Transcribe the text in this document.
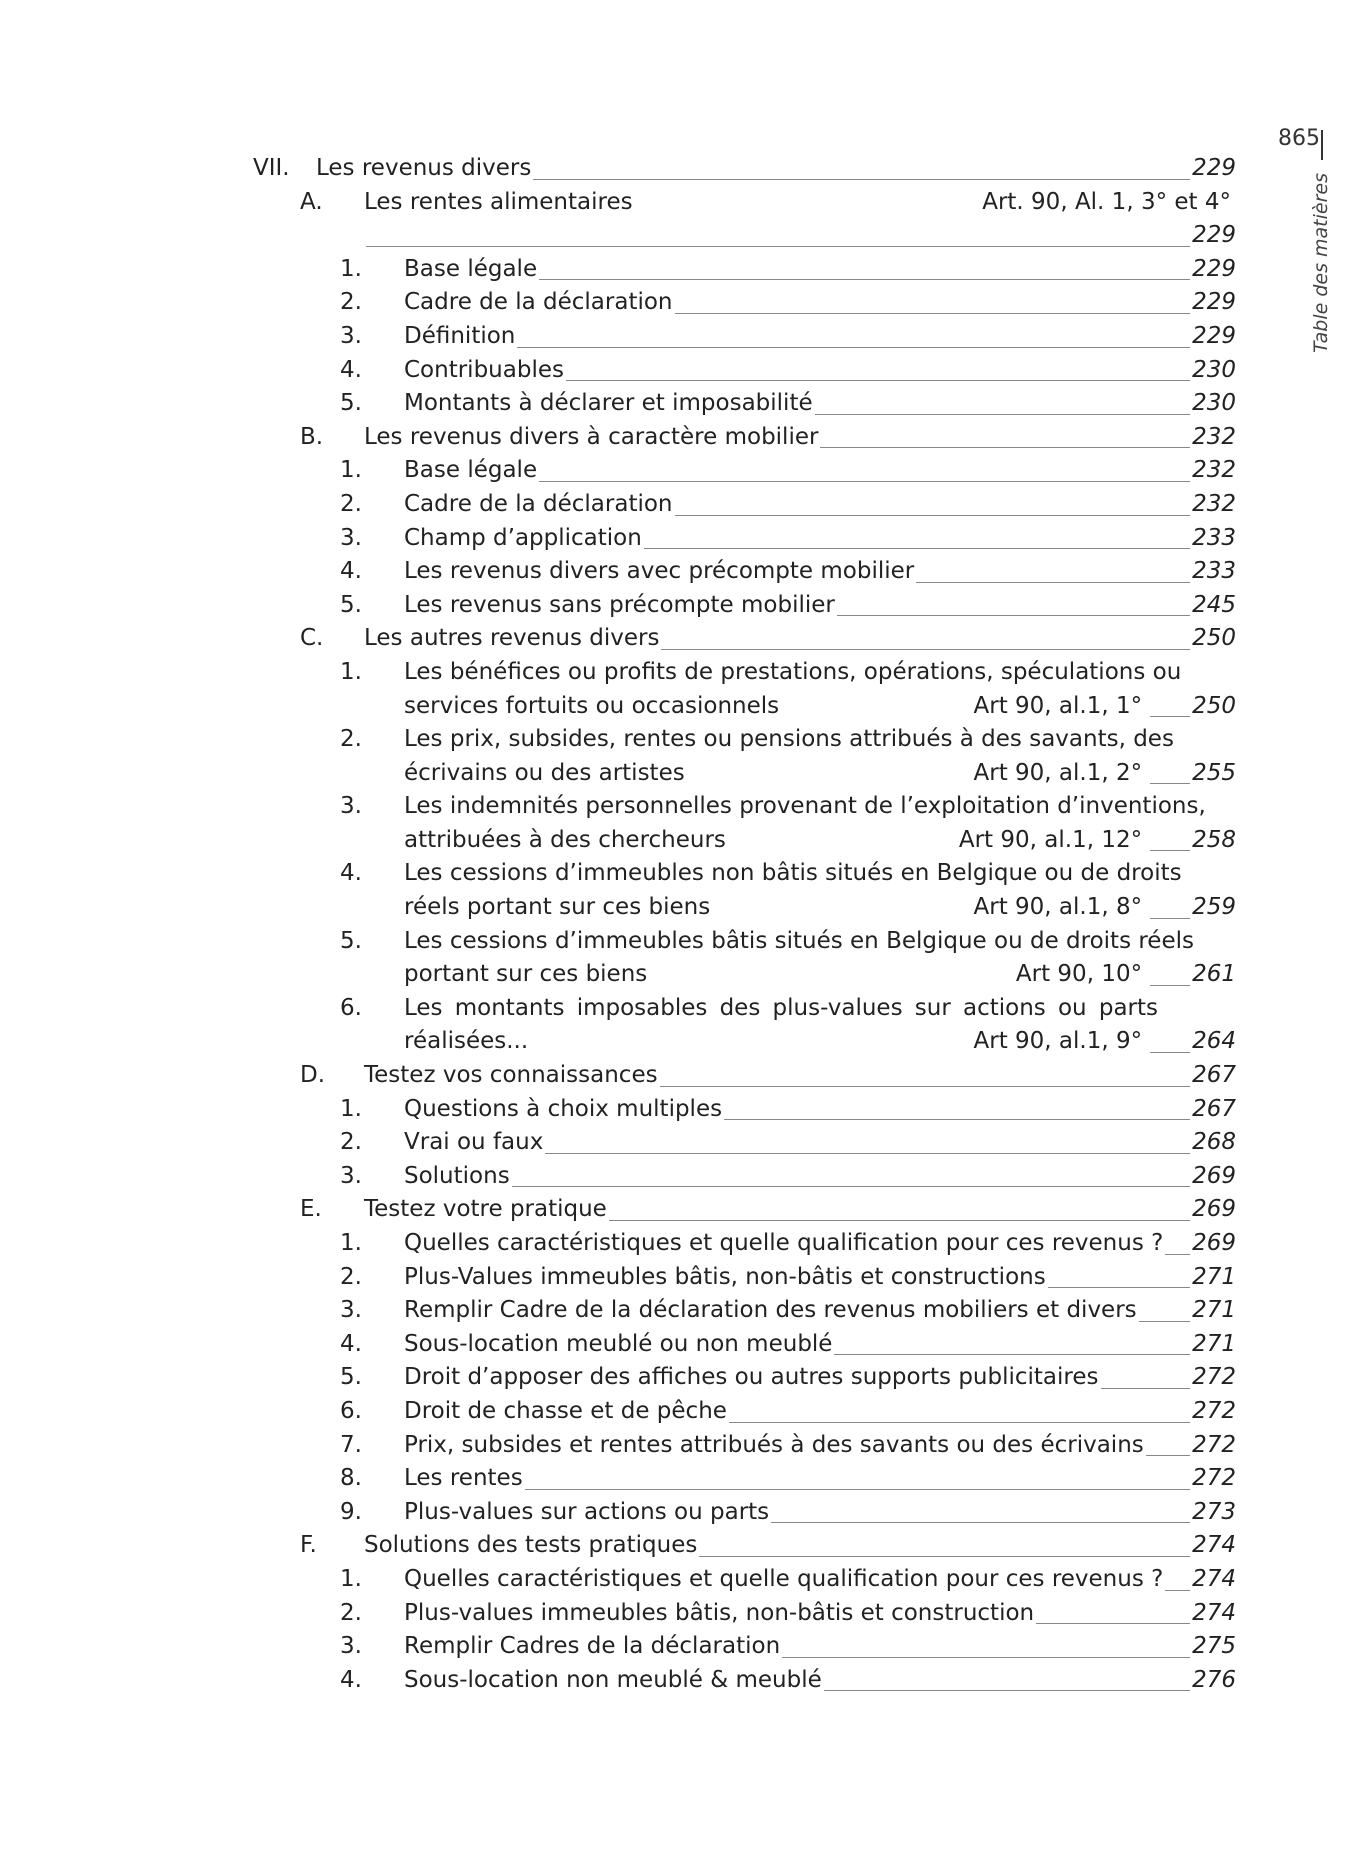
865
Table des matières
VII. Les revenus divers	229
A. Les rentes alimentaires	Art. 90, Al. 1, 3° et 4°
229
1. Base légale	229
2. Cadre de la déclaration	229
3. Définition	229
4. Contribuables	230
5. Montants à déclarer et imposabilité	230
B. Les revenus divers à caractère mobilier	232
1. Base légale	232
2. Cadre de la déclaration	232
3. Champ d’application	233
4. Les revenus divers avec précompte mobilier	233
5. Les revenus sans précompte mobilier	245
C. Les autres revenus divers	250
1. Les bénéfices ou profits de prestations, opérations, spéculations ou
services fortuits ou occasionnels	Art 90, al.1, 1° 250
2. Les prix, subsides, rentes ou pensions attribués à des savants, des
écrivains ou des artistes	Art 90, al.1, 2° 255
3. Les indemnités personnelles provenant de l’exploitation d’inventions,
attribuées à des chercheurs	Art 90, al.1, 12° 258
4. Les cessions d’immeubles non bâtis situés en Belgique ou de droits
réels portant sur ces biens	Art 90, al.1, 8° 259
5. Les cessions d’immeubles bâtis situés en Belgique ou de droits réels
portant sur ces biens	Art 90, 10° 261
6. Les montants imposables des plus-values sur actions ou parts
réalisées...	Art 90, al.1, 9° 264
D. Testez vos connaissances	267
1. Questions à choix multiples	267
2. Vrai ou faux	268
3. Solutions	269
E. Testez votre pratique	269
1. Quelles caractéristiques et quelle qualification pour ces revenus ? 269
2. Plus-Values immeubles bâtis, non-bâtis et constructions	271
3. Remplir Cadre de la déclaration des revenus mobiliers et divers 271
4. Sous-location meublé ou non meublé	271
5. Droit d’apposer des affiches ou autres supports publicitaires	272
6. Droit de chasse et de pêche	272
7. Prix, subsides et rentes attribués à des savants ou des écrivains 272
8. Les rentes	272
9. Plus-values sur actions ou parts	273
F. Solutions des tests pratiques	274
1. Quelles caractéristiques et quelle qualification pour ces revenus ? 274
2. Plus-values immeubles bâtis, non-bâtis et construction	274
3. Remplir Cadres de la déclaration	275
4. Sous-location non meublé & meublé	276
